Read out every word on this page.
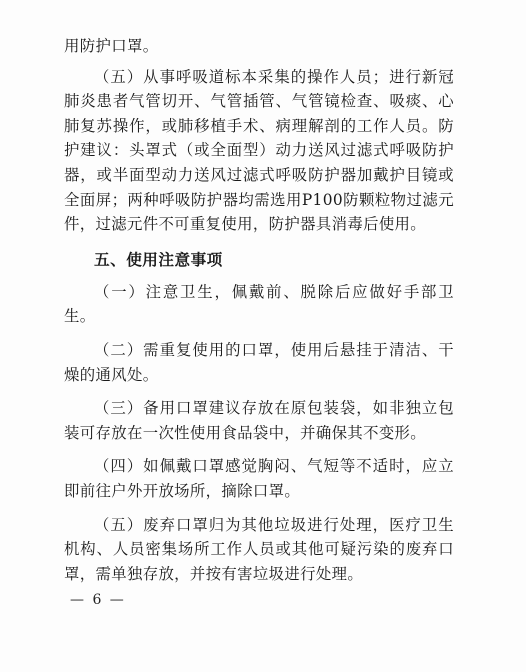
用防护口罩。

（五）从事呼吸道标本采集的操作人员；进行新冠肺炎患者气管切开、气管插管、气管镜检查、吸痰、心肺复苏操作，或肺移植手术、病理解剖的工作人员。防护建议：头罩式（或全面型）动力送风过滤式呼吸防护器，或半面型动力送风过滤式呼吸防护器加戴护目镜或全面屏；两种呼吸防护器均需选用P100防颗粒物过滤元件，过滤元件不可重复使用，防护器具消毒后使用。

五、使用注意事项

（一）注意卫生，佩戴前、脱除后应做好手部卫生。

（二）需重复使用的口罩，使用后悬挂于清洁、干燥的通风处。

（三）备用口罩建议存放在原包装袋，如非独立包装可存放在一次性使用食品袋中，并确保其不变形。

（四）如佩戴口罩感觉胸闷、气短等不适时，应立即前往户外开放场所，摘除口罩。

（五）废弃口罩归为其他垃圾进行处理，医疗卫生机构、人员密集场所工作人员或其他可疑污染的废弃口罩，需单独存放，并按有害垃圾进行处理。

— 6 —
